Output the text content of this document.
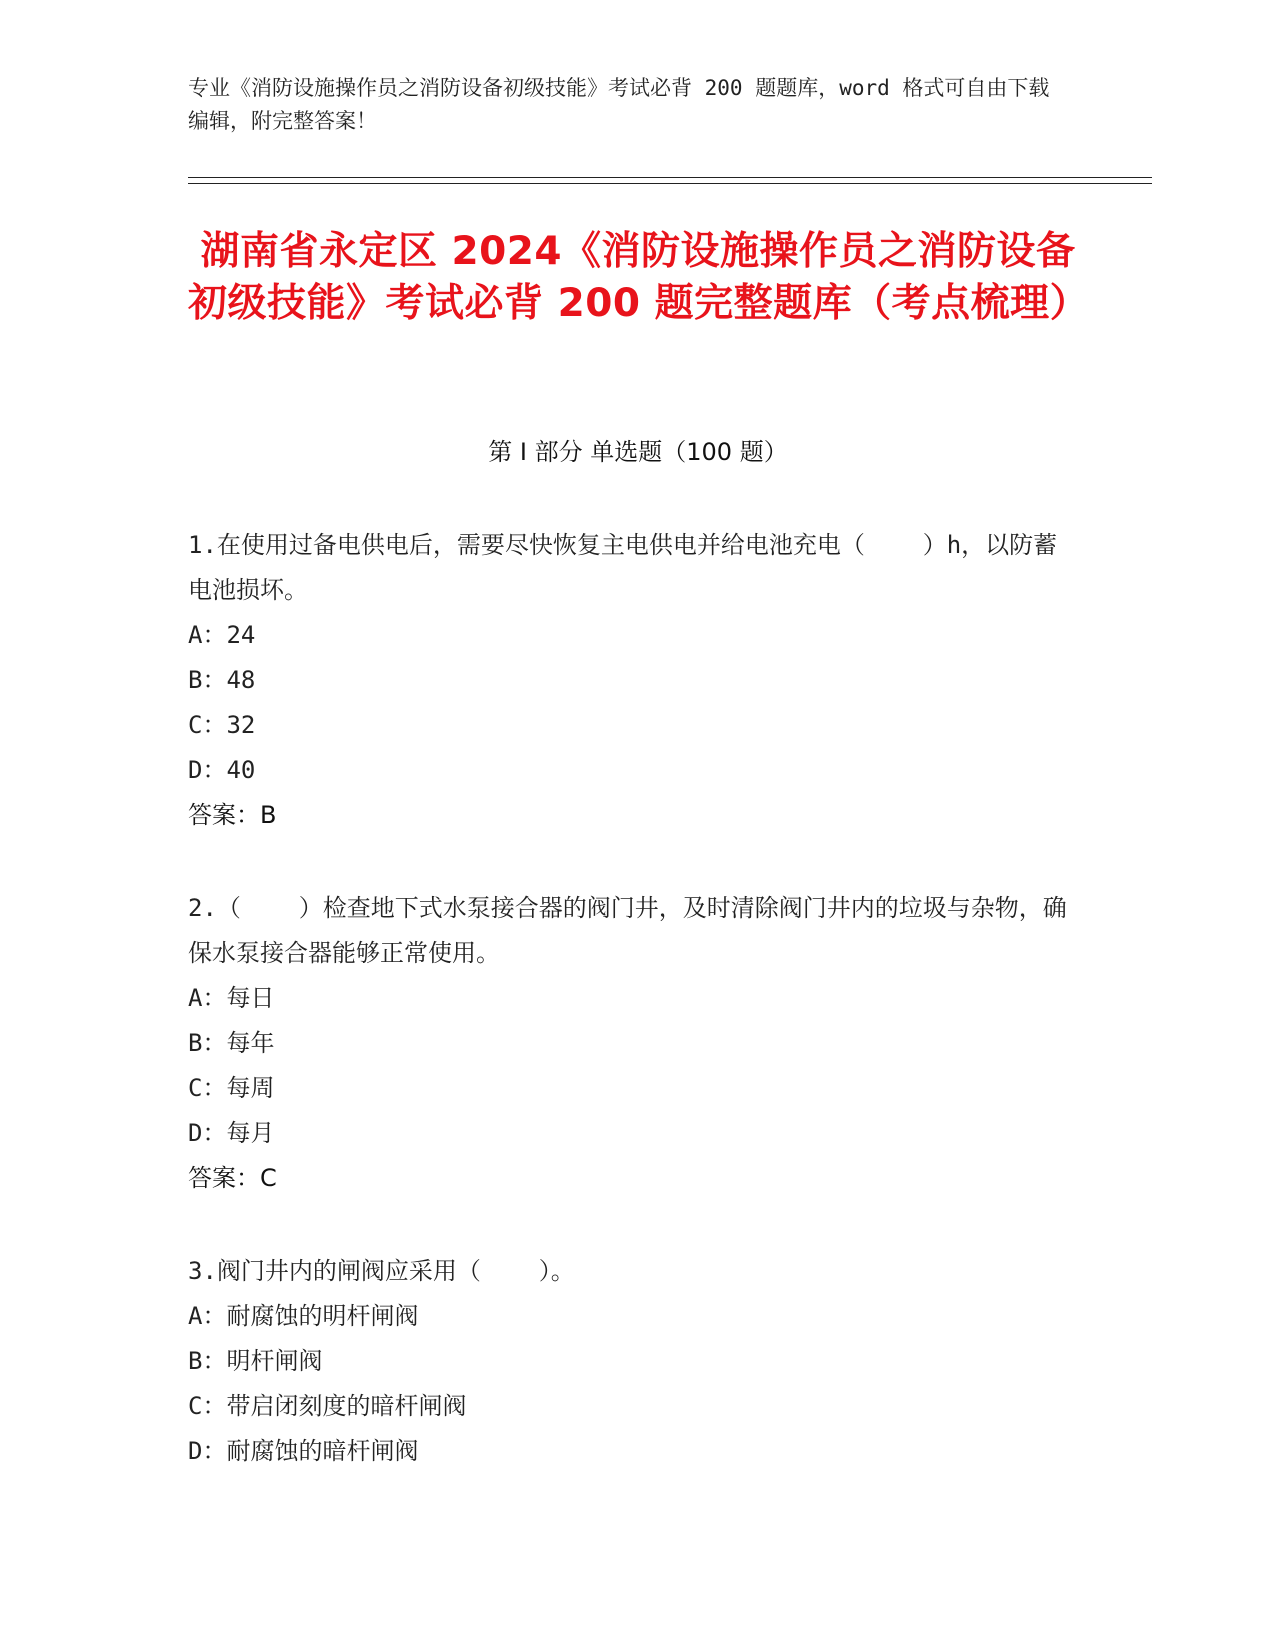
专业《消防设施操作员之消防设备初级技能》考试必背 200 题题库，word 格式可自由下载编辑，附完整答案！
湖南省永定区 2024《消防设施操作员之消防设备初级技能》考试必背 200 题完整题库（考点梳理）
第 I 部分 单选题（100 题）

1.在使用过备电供电后，需要尽快恢复主电供电并给电池充电（    ）h，以防蓄电池损坏。

A：24

B：48

C：32

D：40

答案：B

2.（    ）检查地下式水泵接合器的阀门井，及时清除阀门井内的垃圾与杂物，确保水泵接合器能够正常使用。

A：每日

B：每年

C：每周

D：每月

答案：C

3.阀门井内的闸阀应采用（    ）。

A：耐腐蚀的明杆闸阀

B：明杆闸阀

C：带启闭刻度的暗杆闸阀

D：耐腐蚀的暗杆闸阀
